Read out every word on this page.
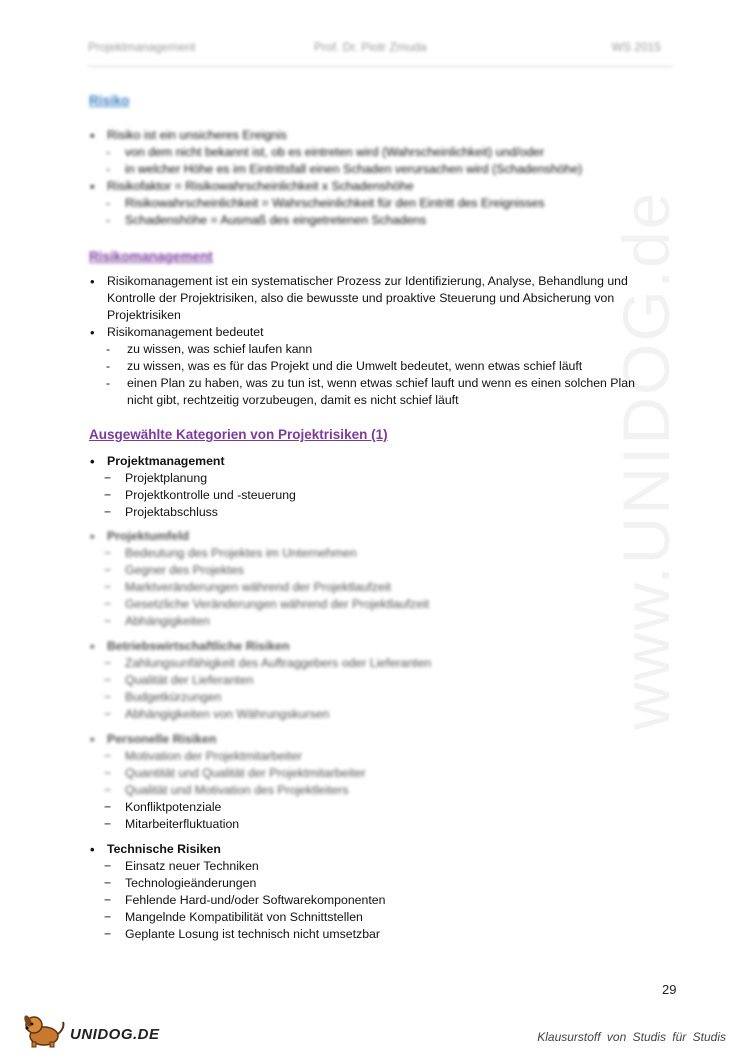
Projektmanagement	Prof. Dr. Piotr Zmuda	WS 2015
Risiko
• Risiko ist ein unsicheres Ereignis
- von dem nicht bekannt ist, ob es eintreten wird (Wahrscheinlichkeit) und/oder
- in welcher Höhe es im Eintrittsfall einen Schaden verursachen wird (Schadenshöhe)
• Risikofaktor = Risikowahrscheinlichkeit x Schadenshöhe
- Risikowahrscheinlichkeit = Wahrscheinlichkeit für den Eintritt des Ereignisses
- Schadenshöhe = Ausmaß des eingetretenen Schadens
Risikomanagement
• Risikomanagement ist ein systematischer Prozess zur Identifizierung, Analyse, Behandlung und Kontrolle der Projektrisiken, also die bewusste und proaktive Steuerung und Absicherung von Projektrisiken
• Risikomanagement bedeutet
- zu wissen, was schief laufen kann
- zu wissen, was es für das Projekt und die Umwelt bedeutet, wenn etwas schief läuft
- einen Plan zu haben, was zu tun ist, wenn etwas schief lauft und wenn es einen solchen Plan nicht gibt, rechtzeitig vorzubeugen, damit es nicht schief läuft
Ausgewählte Kategorien von Projektrisiken (1)
• Projektmanagement
− Projektplanung
− Projektkontrolle und -steuerung
− Projektabschluss
• Projektumfeld
− Bedeutung des Projektes im Unternehmen
− Gegner des Projektes
− Marktveränderungen während der Projektlaufzeit
− Gesetzliche Veränderungen während der Projektlaufzeit
− Abhängigkeiten
• Betriebswirtschaftliche Risiken
− Zahlungsunfähigkeit des Auftraggebers oder Lieferanten
− Qualität der Lieferanten
− Budgetkürzungen
− Abhängigkeiten von Währungskursen
• Personelle Risiken
− Motivation der Projektmitarbeiter
− Quantität und Qualität der Projektmitarbeiter
− Qualität und Motivation des Projektleiters
− Konfliktpotenziale
− Mitarbeiterfluktuation
• Technische Risiken
− Einsatz neuer Techniken
− Technologieänderungen
− Fehlende Hard-und/oder Softwarekomponenten
− Mangelnde Kompatibilität von Schnittstellen
− Geplante Losung ist technisch nicht umsetzbar
www.UNIDOG.de
29
UNIDOG.DE	Klausurstoff von Studis für Studis
